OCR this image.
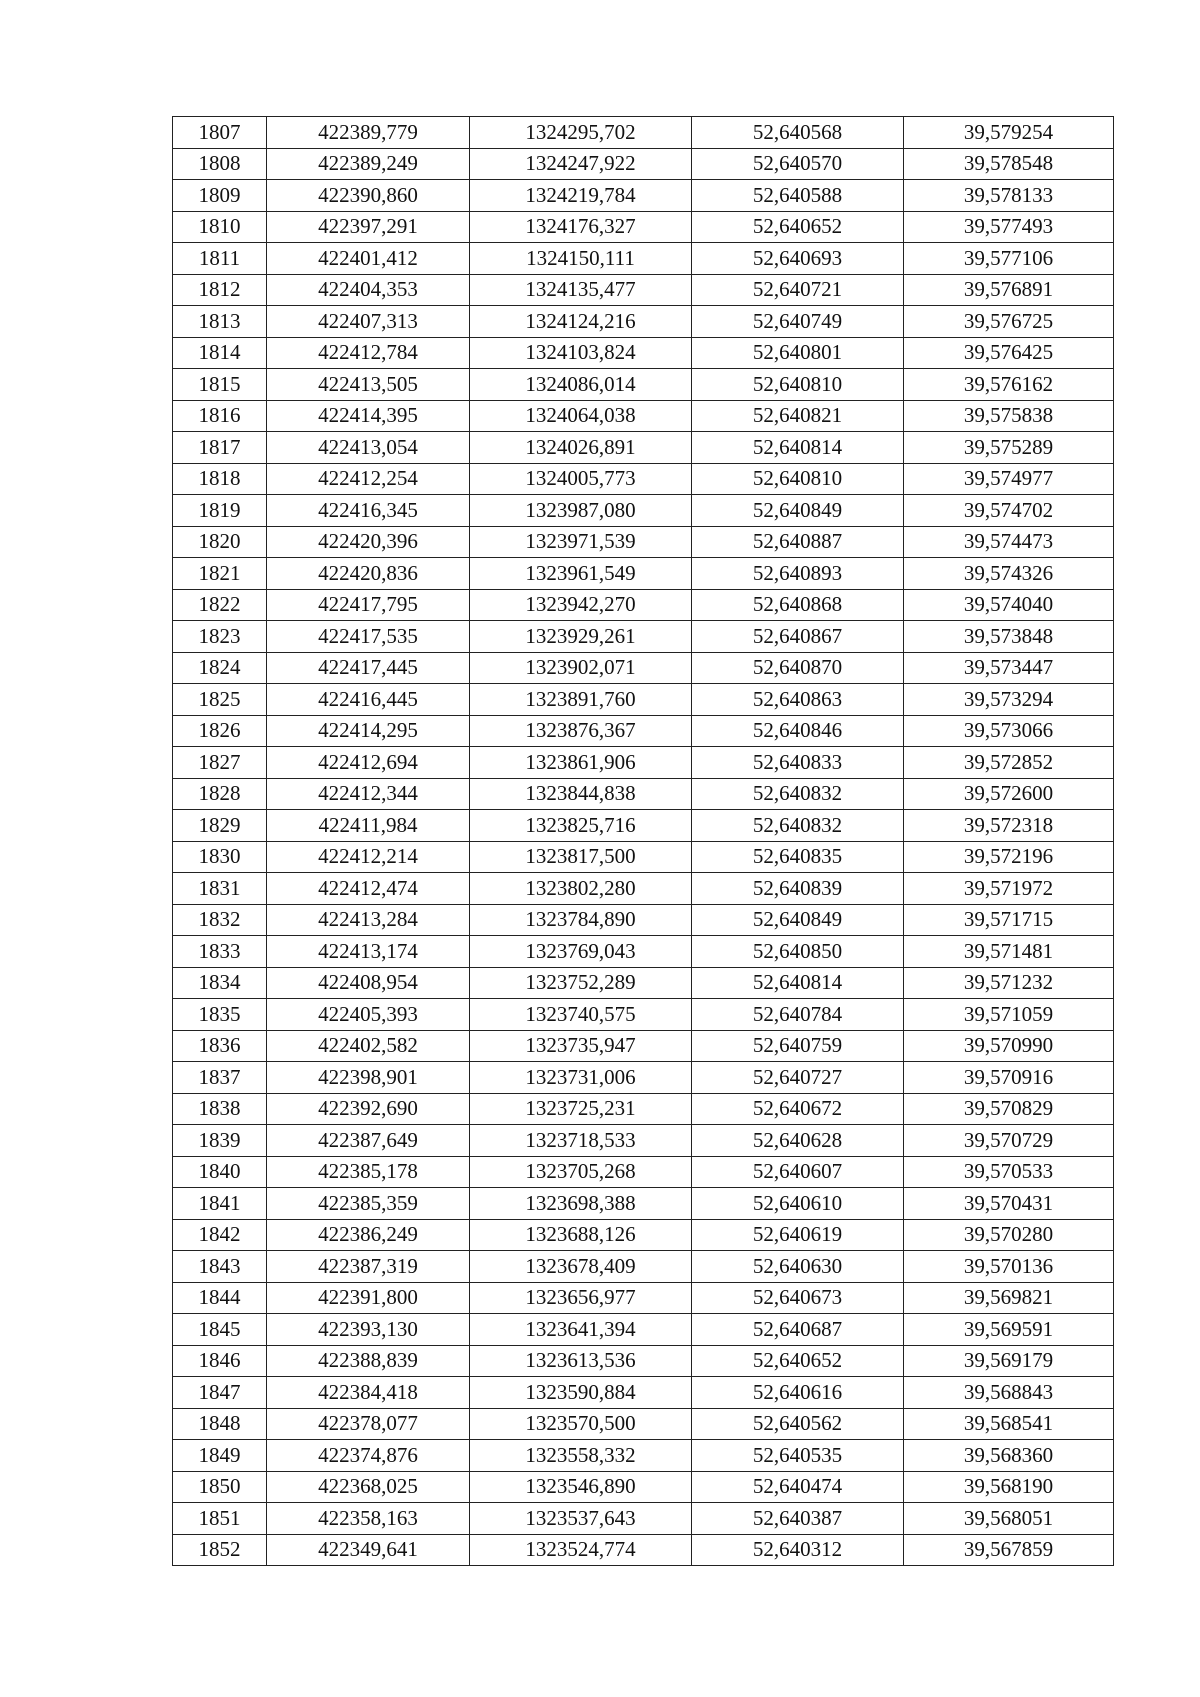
1807	422389,779	1324295,702	52,640568	39,579254
1808	422389,249	1324247,922	52,640570	39,578548
1809	422390,860	1324219,784	52,640588	39,578133
1810	422397,291	1324176,327	52,640652	39,577493
1811	422401,412	1324150,111	52,640693	39,577106
1812	422404,353	1324135,477	52,640721	39,576891
1813	422407,313	1324124,216	52,640749	39,576725
1814	422412,784	1324103,824	52,640801	39,576425
1815	422413,505	1324086,014	52,640810	39,576162
1816	422414,395	1324064,038	52,640821	39,575838
1817	422413,054	1324026,891	52,640814	39,575289
1818	422412,254	1324005,773	52,640810	39,574977
1819	422416,345	1323987,080	52,640849	39,574702
1820	422420,396	1323971,539	52,640887	39,574473
1821	422420,836	1323961,549	52,640893	39,574326
1822	422417,795	1323942,270	52,640868	39,574040
1823	422417,535	1323929,261	52,640867	39,573848
1824	422417,445	1323902,071	52,640870	39,573447
1825	422416,445	1323891,760	52,640863	39,573294
1826	422414,295	1323876,367	52,640846	39,573066
1827	422412,694	1323861,906	52,640833	39,572852
1828	422412,344	1323844,838	52,640832	39,572600
1829	422411,984	1323825,716	52,640832	39,572318
1830	422412,214	1323817,500	52,640835	39,572196
1831	422412,474	1323802,280	52,640839	39,571972
1832	422413,284	1323784,890	52,640849	39,571715
1833	422413,174	1323769,043	52,640850	39,571481
1834	422408,954	1323752,289	52,640814	39,571232
1835	422405,393	1323740,575	52,640784	39,571059
1836	422402,582	1323735,947	52,640759	39,570990
1837	422398,901	1323731,006	52,640727	39,570916
1838	422392,690	1323725,231	52,640672	39,570829
1839	422387,649	1323718,533	52,640628	39,570729
1840	422385,178	1323705,268	52,640607	39,570533
1841	422385,359	1323698,388	52,640610	39,570431
1842	422386,249	1323688,126	52,640619	39,570280
1843	422387,319	1323678,409	52,640630	39,570136
1844	422391,800	1323656,977	52,640673	39,569821
1845	422393,130	1323641,394	52,640687	39,569591
1846	422388,839	1323613,536	52,640652	39,569179
1847	422384,418	1323590,884	52,640616	39,568843
1848	422378,077	1323570,500	52,640562	39,568541
1849	422374,876	1323558,332	52,640535	39,568360
1850	422368,025	1323546,890	52,640474	39,568190
1851	422358,163	1323537,643	52,640387	39,568051
1852	422349,641	1323524,774	52,640312	39,567859
